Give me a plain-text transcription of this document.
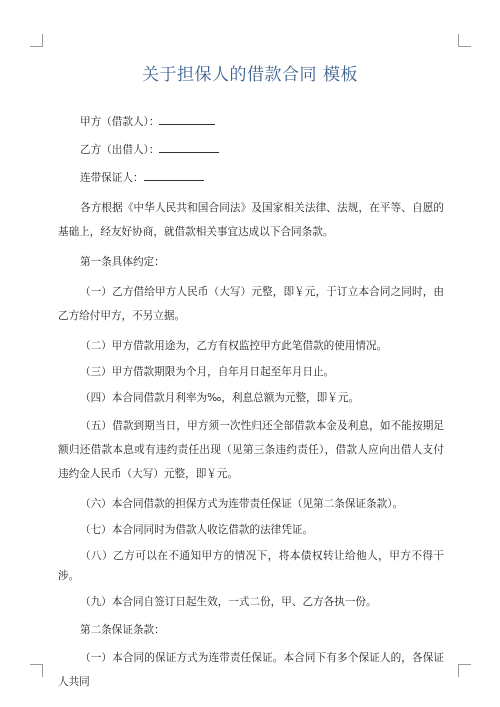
关于担保人的借款合同 模板
甲方（借款人）：
乙方（出借人）：
连带保证人：

各方根据《中华人民共和国合同法》及国家相关法律、法规，在平等、自愿的基础上，经友好协商，就借款相关事宜达成以下合同条款。

第一条具体约定：

（一）乙方借给甲方人民币（大写）元整，即￥元，于订立本合同之同时，由乙方给付甲方，不另立据。

（二）甲方借款用途为，乙方有权监控甲方此笔借款的使用情况。

（三）甲方借款期限为个月，自年月日起至年月日止。

（四）本合同借款月利率为‰，利息总额为元整，即￥元。

（五）借款到期当日，甲方须一次性归还全部借款本金及利息，如不能按期足额归还借款本息或有违约责任出现（见第三条违约责任），借款人应向出借人支付违约金人民币（大写）元整，即￥元。

（六）本合同借款的担保方式为连带责任保证（见第二条保证条款）。

（七）本合同同时为借款人收讫借款的法律凭证。

（八）乙方可以在不通知甲方的情况下，将本债权转让给他人，甲方不得干涉。

（九）本合同自签订日起生效，一式二份，甲、乙方各执一份。

第二条保证条款：

（一）本合同的保证方式为连带责任保证。本合同下有多个保证人的，各保证人共同
